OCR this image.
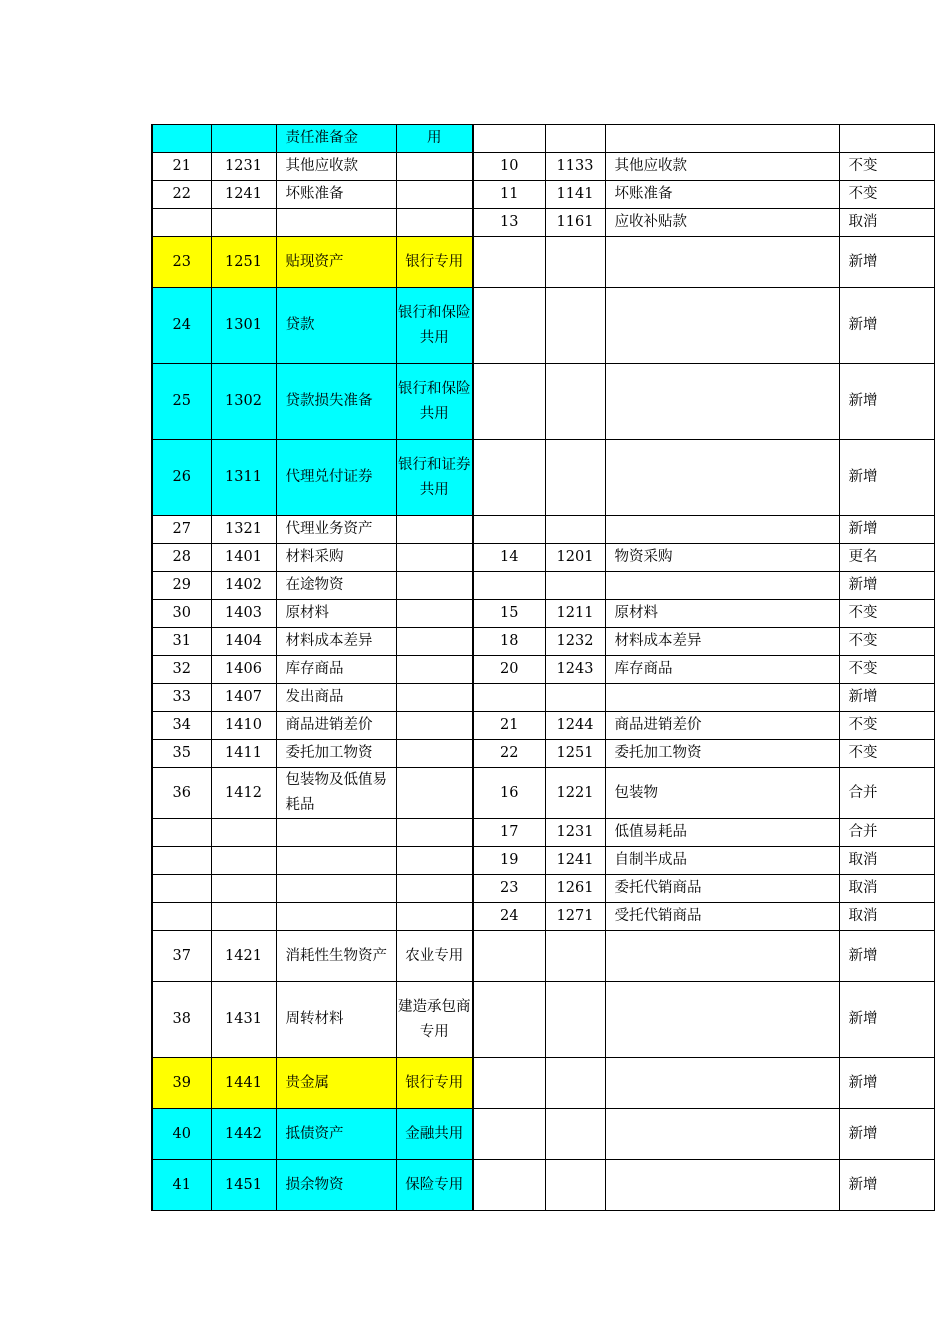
		责任准备金	用				
21	1231	其他应收款		10	1133	其他应收款	不变
22	1241	坏账准备		11	1141	坏账准备	不变
				13	1161	应收补贴款	取消
23	1251	贴现资产	银行专用				新增
24	1301	贷款	银行和保险共用				新增
25	1302	贷款损失准备	银行和保险共用				新增
26	1311	代理兑付证券	银行和证券共用				新增
27	1321	代理业务资产					新增
28	1401	材料采购		14	1201	物资采购	更名
29	1402	在途物资					新增
30	1403	原材料		15	1211	原材料	不变
31	1404	材料成本差异		18	1232	材料成本差异	不变
32	1406	库存商品		20	1243	库存商品	不变
33	1407	发出商品					新增
34	1410	商品进销差价		21	1244	商品进销差价	不变
35	1411	委托加工物资		22	1251	委托加工物资	不变
36	1412	包装物及低值易耗品		16	1221	包装物	合并
				17	1231	低值易耗品	合并
				19	1241	自制半成品	取消
				23	1261	委托代销商品	取消
				24	1271	受托代销商品	取消
37	1421	消耗性生物资产	农业专用				新增
38	1431	周转材料	建造承包商专用				新增
39	1441	贵金属	银行专用				新增
40	1442	抵债资产	金融共用				新增
41	1451	损余物资	保险专用				新增
